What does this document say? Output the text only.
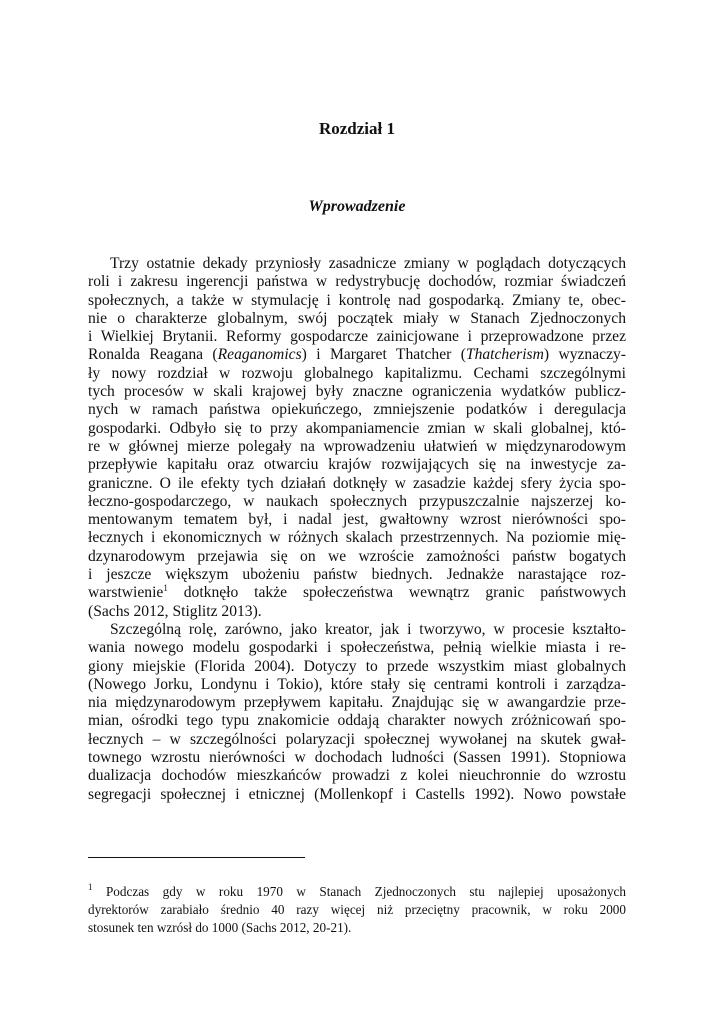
Rozdział 1
Wprowadzenie
Trzy ostatnie dekady przyniosły zasadnicze zmiany w poglądach dotyczących
roli i zakresu ingerencji państwa w redystrybucję dochodów, rozmiar świadczeń
społecznych, a także w stymulację i kontrolę nad gospodarką. Zmiany te, obec-
nie o charakterze globalnym, swój początek miały w Stanach Zjednoczonych
i Wielkiej Brytanii. Reformy gospodarcze zainicjowane i przeprowadzone przez
Ronalda Reagana (Reaganomics) i Margaret Thatcher (Thatcherism) wyznaczy-
ły nowy rozdział w rozwoju globalnego kapitalizmu. Cechami szczególnymi
tych procesów w skali krajowej były znaczne ograniczenia wydatków publicz-
nych w ramach państwa opiekuńczego, zmniejszenie podatków i deregulacja
gospodarki. Odbyło się to przy akompaniamencie zmian w skali globalnej, któ-
re w głównej mierze polegały na wprowadzeniu ułatwień w międzynarodowym
przepływie kapitału oraz otwarciu krajów rozwijających się na inwestycje za-
graniczne. O ile efekty tych działań dotknęły w zasadzie każdej sfery życia spo-
łeczno-gospodarczego, w naukach społecznych przypuszczalnie najszerzej ko-
mentowanym tematem był, i nadal jest, gwałtowny wzrost nierówności spo-
łecznych i ekonomicznych w różnych skalach przestrzennych. Na poziomie mię-
dzynarodowym przejawia się on we wzroście zamożności państw bogatych
i jeszcze większym ubożeniu państw biednych. Jednakże narastające roz-
warstwienie$^1$ dotknęło także społeczeństwa wewnątrz granic państwowych
(Sachs 2012, Stiglitz 2013).
Szczególną rolę, zarówno, jako kreator, jak i tworzywo, w procesie kształto-
wania nowego modelu gospodarki i społeczeństwa, pełnią wielkie miasta i re-
giony miejskie (Florida 2004). Dotyczy to przede wszystkim miast globalnych
(Nowego Jorku, Londynu i Tokio), które stały się centrami kontroli i zarządza-
nia międzynarodowym przepływem kapitału. Znajdując się w awangardzie prze-
mian, ośrodki tego typu znakomicie oddają charakter nowych zróżnicowań spo-
łecznych – w szczególności polaryzacji społecznej wywołanej na skutek gwał-
townego wzrostu nierówności w dochodach ludności (Sassen 1991). Stopniowa
dualizacja dochodów mieszkańców prowadzi z kolei nieuchronnie do wzrostu
segregacji społecznej i etnicznej (Mollenkopf i Castells 1992). Nowo powstałe
$^1$ Podczas gdy w roku 1970 w Stanach Zjednoczonych stu najlepiej uposażonych
dyrektorów zarabiało średnio 40 razy więcej niż przeciętny pracownik, w roku 2000
stosunek ten wzrósł do 1000 (Sachs 2012, 20-21).
